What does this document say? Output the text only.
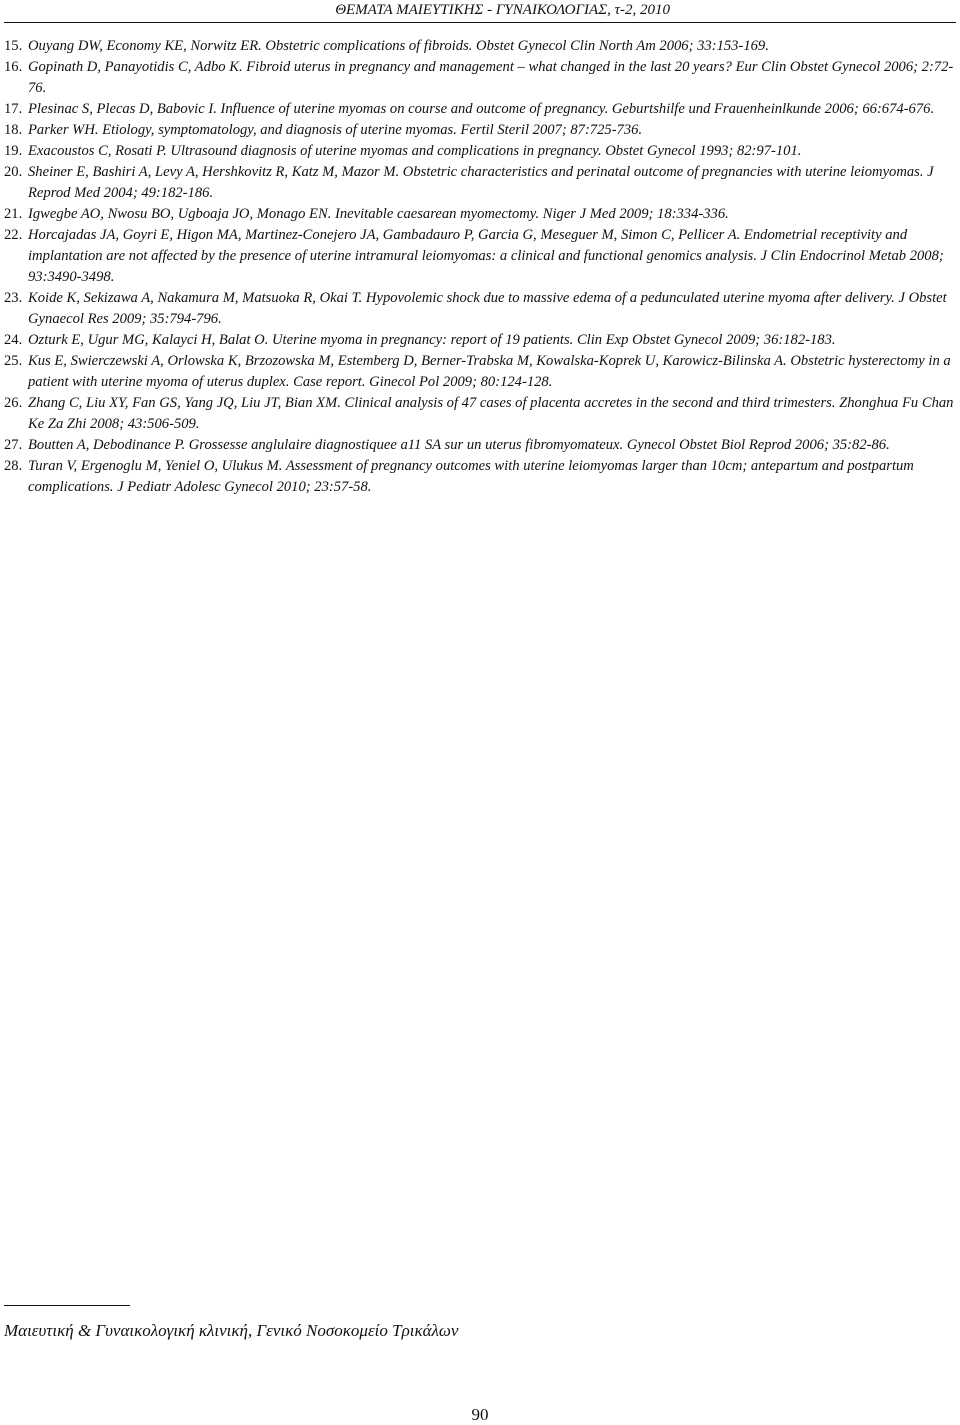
ΘΕΜΑΤΑ ΜΑΙΕΥΤΙΚΗΣ - ΓΥΝΑΙΚΟΛΟΓΙΑΣ, τ-2, 2010
15. Ouyang DW, Economy KE, Norwitz ER. Obstetric complications of fibroids. Obstet Gynecol Clin North Am 2006; 33:153-169.
16. Gopinath D, Panayotidis C, Adbo K. Fibroid uterus in pregnancy and management – what changed in the last 20 years? Eur Clin Obstet Gynecol 2006; 2:72-76.
17. Plesinac S, Plecas D, Babovic I. Influence of uterine myomas on course and outcome of pregnancy. Geburtshilfe und Frauenheinlkunde 2006; 66:674-676.
18. Parker WH. Etiology, symptomatology, and diagnosis of uterine myomas. Fertil Steril 2007; 87:725-736.
19. Exacoustos C, Rosati P. Ultrasound diagnosis of uterine myomas and complications in pregnancy. Obstet Gynecol 1993; 82:97-101.
20. Sheiner E, Bashiri A, Levy A, Hershkovitz R, Katz M, Mazor M. Obstetric characteristics and perinatal outcome of pregnancies with uterine leiomyomas. J Reprod Med 2004; 49:182-186.
21. Igwegbe AO, Nwosu BO, Ugboaja JO, Monago EN. Inevitable caesarean myomectomy. Niger J Med 2009; 18:334-336.
22. Horcajadas JA, Goyri E, Higon MA, Martinez-Conejero JA, Gambadauro P, Garcia G, Meseguer M, Simon C, Pellicer A. Endometrial receptivity and implantation are not affected by the presence of uterine intramural leiomyomas: a clinical and functional genomics analysis. J Clin Endocrinol Metab 2008; 93:3490-3498.
23. Koide K, Sekizawa A, Nakamura M, Matsuoka R, Okai T. Hypovolemic shock due to massive edema of a pedunculated uterine myoma after delivery. J Obstet Gynaecol Res 2009; 35:794-796.
24. Ozturk E, Ugur MG, Kalayci H, Balat O. Uterine myoma in pregnancy: report of 19 patients. Clin Exp Obstet Gynecol 2009; 36:182-183.
25. Kus E, Swierczewski A, Orlowska K, Brzozowska M, Estemberg D, Berner-Trabska M, Kowalska-Koprek U, Karowicz-Bilinska A. Obstetric hysterectomy in a patient with uterine myoma of uterus duplex. Case report. Ginecol Pol 2009; 80:124-128.
26. Zhang C, Liu XY, Fan GS, Yang JQ, Liu JT, Bian XM. Clinical analysis of 47 cases of placenta accretes in the second and third trimesters. Zhonghua Fu Chan Ke Za Zhi 2008; 43:506-509.
27. Boutten A, Debodinance P. Grossesse anglulaire diagnostiquee a11 SA sur un uterus fibromyomateux. Gynecol Obstet Biol Reprod 2006; 35:82-86.
28. Turan V, Ergenoglu M, Yeniel O, Ulukus M. Assessment of pregnancy outcomes with uterine leiomyomas larger than 10cm; antepartum and postpartum complications. J Pediatr Adolesc Gynecol 2010; 23:57-58.
Μαιευτική & Γυναικολογική κλινική, Γενικό Νοσοκομείο Τρικάλων
90
